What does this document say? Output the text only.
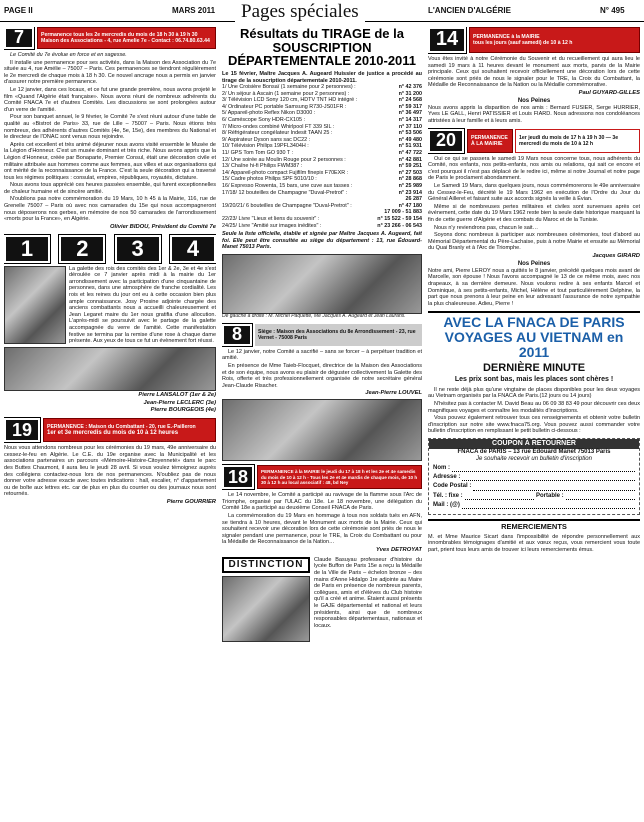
PAGE II	MARS 2011	Pages spéciales	L'ANCIEN D'ALGÉRIE	N° 495
7	Permanence tous les 2e mercredis du mois de 18 h 30 à 19 h 30
Maison des Associations - 4, rue Amelie 7e - Contact : 06.74.80.63.44

Le Comité du 7e évolue en force et en sagesse.

Il installe une permanence pour ses activités, dans la Maison des Association du 7e située au 4, rue Amélie – 75007 – Paris. Ces permanences se tiendront régulièrement le 2e mercredi de chaque mois à 18 h 30. Ce nouvel ancrage nous a permis en janvier d'assurer notre première permanence.

Le 12 janvier, dans ces locaux, et ce fut une grande première, nous avons projeté le film «Quand l'Algérie était française». Nous avons réuni de nombreux adhérents du Comité FNACA 7e et d'autres Comités. Les discussions se sont prolongées autour d'un verre de l'amitié.

Pour son banquet annuel, le 9 février, le Comité 7e s'est réuni autour d'une table de qualité au «Bistrot de Paris» 33, rue de Lille – 75007 – Paris. Nous étions très nombreux, des adhérents d'autres Comités (4e, 5e, 15e), des membres du National et le directeur de l'ONAC sont venus nous rejoindre.

Après cet excellent et très animé déjeuner nous avons visité ensemble le Musée de la Légion d'Honneur. C'est un musée dominant et très riche. Nous avons appris que la Légion d'Honneur, créée par Bonaparte, Premier Consul, était une décoration civile et militaire attribuée aux hommes comme aux femmes, aux villes et aux organisations qui ont mérité de la reconnaissance de la France. C'est la seule décoration qui a traversé tous les régimes politiques : consulat, empires, républiques, royautés, dictature.

Nous avons tous apprécié ces heures passées ensemble, qui furent exceptionnelles de chaleur humaine et de sincère amitié.

N'oublions pas notre commémoration du 19 Mars, 10 h 45 à la Mairie, 116, rue de Grenelle 75007 – Paris où avec nos camarades du 15e qui nous accompagneront nous déposerons nos gerbes, en mémoire de nos 50 camarades de l'arrondissement «morts pour la France», en Algérie.

Olivier BIDOU, Président du Comité 7e
1	2	3	4
La galette des rois des comités des 1er & 2e, 3e et 4e s'est déroulée ce 7 janvier après midi à la mairie du 1er arrondissement avec la participation d'une cinquantaine de personnes, dans une atmosphère de franche cordialité. Les rois et les reines du jour ont eu à cette occasion bien plus ample connaissance. Josy Prosine adjointe chargée des anciens combattants nous a accueilli chaleureusement et Jean Legaret maire du 1er nous gratifia d'une allocution. L'après-midi se poursuivit avec le partage de la galette accompagnée du verre de l'amitié. Cette manifestation festive se termina par la remise d'une rose à chaque dame présente. Aux yeux de tous ce fut un évènement fort réussi.
Pierre LANSALOT (1er & 2e)
Jean-Pierre LECLERC (3e)
Pierre BOURGEOIS (4e)
19	PERMANENCE : Maison du Combattant - 20, rue E.-Pailleron
1er et 3e mercredis du mois de 10 à 12 heures
Nous vous attendons nombreux pour les cérémonies du 19 mars, 49e anniversaire du cessez-le-feu en Algérie. Le C.E. du 19e organise avec la Municipalité et les associations partenaires un parcours «Mémoire-Histoire-Citoyenneté» dans le parc des Buttes Chaumont, il aura lieu le jeudi 28 avril. Si vous voulez témoignez auprès des collégiens contactez-nous lors de nos permanences. N'oubliez pas de nous donner votre adresse exacte avec toutes indications : hall, escalier, n° d'appartement ou de boîte aux lettres etc. car de plus en plus du courrier ou des journaux nous sont retournés.
Pierre GOURRIER
Résultats du TIRAGE de la SOUSCRIPTION DÉPARTEMENTALE 2010-2011
Le 15 février, Maître Jacques A. Augeard Huissier de justice a procédé au tirage de la souscription départementale 2010-2011.
1/ Une Croisière Bonsaï (1 semaine pour 2 personnes) :	n° 42 376
2/ Un séjour à Ascain (1 semaine pour 2 personnes) :	n° 31 200
3/ Télévision LCD Sony 120 cm, HDTV TNT HD intégré :	n° 24 568
4/ Ordinateur PC portable Samsung R730-JS01FR :	n° 59 317
5/ Appareil-photo Reflex Nikon D3000 :	n° 36 497
6/ Caméscope Sony HDR-CX105 :	n° 14 317
7/ Micro-ondes combiné Whirlpool FT 339 SIL :	n° 37 110
8/ Réfrigérateur congélateur Indesit TAAN 25 :	n° 53 506
9/ Aspirateur Dyson sans sac DC22 :	n° 49 480
10/ Télévision Philips 19PFL3404H :	n° 51 931
11/ GPS Tom Tom GO 930 T :	n° 47 722
12/ Une soirée au Moulin Rouge pour 2 personnes :	n° 42 881
13/ Chaîne hi-fi Philips FWM387 :	n° 59 251
14/ Appareil-photo compact Fujifilm finepix F70EXR :	n° 27 503
15/ Cadre photos Philips SPF 5010/10 :	n° 28 868
16/ Expresso Rowenta, 15 bars, une cuve aux tasses :	n° 25 989
17/18/ 12 bouteilles de Champagne "Duval-Pretrot" :	n° 23 914
26 287
19/20/21/ 6 bouteilles de Champagne "Duval-Pretrot" :	n° 47 180
17 009 - 51 883
22/23/ Livre "Lieux et liens du souvenir" :	n° 15 522 - 59 154
24/25/ Livre "Amitié sur images inédites" :	n° 23 266 - 06 543
Seule la liste officielle, établie et signée par Maître Jacques A. Augeard, fait foi. Elle peut être consultée au siège du département : 13, rue Édouard-Manet 75013 Paris.
De gauche à droite : M. Michel Paquette, Me Jacques A. Augeard et Jean Laurans.
8	Siège : Maison des Associations du 8e Arrondissement - 23, rue Vernet - 75008 Paris

Le 12 janvier, notre Comité a sacrifié – sans se forcer – à perpétuer tradition et amitié.

En présence de Mme Taieb-Flocquet, directrice de la Maison des Associations et de son équipe, nous avons eu plaisir de déguster collectivement la Galette des Rois, offerte et très professionnellement organisée de notre secrétaire général Jean-Claude Risacher.

Jean-Pierre LOUVEL
18	PERMANENCE à la MAIRIE le jeudi du 17 à 18 h et les 2e et 4e samedis du mois de 10 à 12 h - Tous les 2e et 4e mardis de chaque mois, de 10 h 30 à 12 h au local associatif : 48, bd Ney

Le 14 novembre, le Comité a participé au ravivage de la flamme sous l'Arc de Triomphe, organisé par l'ULAC du 18e. Le 18 novembre, une délégation du Comité 18e a participé au deuxième Conseil FNACA de Paris.

La commémoration du 19 Mars en hommage à tous nos soldats tués en AFN, se tiendra à 10 heures, devant le Monument aux morts de la Mairie. Ceux qui souhaitent recevoir une décoration lors de cette cérémonie sont priés de nous le signaler pendant une permanence, pour le TRE, la Croix du Combattant ou pour la Médaille de Reconnaissance de la Nation…

Yves DETROYAT
DISTINCTION	Claude Basuyau professeur d'histoire du lycée Buffon de Paris 15e a reçu la Médaille de la Ville de Paris – échelon bronze – des mains d'Anne Hidalgo 1re adjointe au Maire de Paris en présence de nombreux parents, collègues, amis et d'élèves du Club histoire qu'il a créé et anime. Étaient aussi présents le GAJE départemental et national et leurs présidents, ainsi que de nombreux responsables départementaux, nationaux et locaux.
14	PERMANENCE à la MAIRIE
tous les jours (sauf samedi) de 10 à 12 h
Vous êtes invité à notre Cérémonie du Souvenir et du recueillement qui aura lieu le samedi 19 mars à 11 heures devant le monument aux morts, parvis de la Mairie principale. Ceux qui souhaitent recevoir officiellement une décoration lors de cette cérémonie sont priés de nous le signaler pour le TRE, la Croix du Combattant, la Médaille de Reconnaissance de la Nation ou la Médaille commémorative.
Paul GUYARD-GILLES
Nos Peines
Nous avons appris la disparition de nos amis : Bernard FUSIER, Serge HURRIER, Yves LE GALL, Henri PATISSIER et Louis FIARD. Nous adressons nos condoléances attristées à leur famille et à leurs amis.
20	PERMANENCE À LA MAIRIE
1er jeudi du mois de 17 h à 19 h 30 — 3e mercredi du mois de 10 à 12 h

Oui ce qui se passera le samedi 19 Mars nous concerne tous, nous adhérents du Comité, nos enfants, nos petits-enfants, nos amis ou relations, qui sait ce encore et c'est pourquoi il n'est pas déplacé de le redire ici, même si notre Journal et notre page de Paris le proclament abondamment.

Le Samedi 19 Mars, dans quelques jours, nous commémorerons le 49e anniversaire du Cessez-le-Feu, décrété le 19 Mars 1962 en exécution de l'Ordre du Jour du Général Ailleret et faisant suite aux accords signés la veille à Évian.

Même si de nombreuses pertes militaires et civiles sont survenues après cet événement, cette date du 19 Mars 1962 reste bien la seule date historique marquant la fin de cette guerre d'Algérie et des combats du Maroc et de la Tunisie.

Nous n'y reviendrons pas, chacun le sait…

Soyons donc nombreux à participer aux nombreuses cérémonies, tout d'abord au Mémorial Départemental du Père-Lachaise, puis à notre Mairie et ensuite au Mémorial du Quai Branly et à l'Arc de Triomphe.

Jacques GIRARD
Nos Peines
Notre ami, Pierre LEROY nous a quittés le 8 janvier, précédé quelques mois avant de Marcelle, son épouse ! Nous l'avons accompagné le 13 de ce même mois, avec nos drapeaux, à sa dernière demeure. Nous voulons redire à ses enfants Marcel et Dominique, à ses petits-enfants, Michel, Hélène et tout particulièrement Delphine, la part que nous prenons à leur peine en leur adressant l'assurance de notre sympathie la plus chaleureuse. Adieu, Pierre !
AVEC LA FNACA DE PARIS
VOYAGES AU VIETNAM en 2011
DERNIÈRE MINUTE
Les prix sont bas, mais les places sont chères !

Il ne reste déjà plus qu'une vingtaine de places disponibles pour les deux voyages au Vietnam organisés par la FNACA de Paris.(12 jours ou 14 jours)

N'hésitez pas à contacter M. David Beau au 06 09 38 83 49 pour découvrir ces deux magnifiques voyages et connaître les modalités d'inscriptions.

Vous pouvez également retrouver tous ces renseignements et obtenir votre bulletin d'inscription sur notre site www.fnaca75.org. Vous pouvez aussi commander votre bulletin d'inscription en remplissant le petit bulletin ci-dessous :

COUPON À RETOURNER
FNACA de PARIS – 13 rue Édouard Manet 75013 Paris
Je souhaite recevoir un bulletin d'inscription
Nom :
Adresse :
Code Postal :
Tél. : fixe :	Portable :
Mail : (@)
REMERCIEMENTS
M. et Mme Maurice Sicart dans l'impossibilité de répondre personnellement aux innombrables témoignages d'amitié et aux vœux reçus, vous remercient vous toute part, prient tous leurs amis de trouver ici leurs remerciements émus.
